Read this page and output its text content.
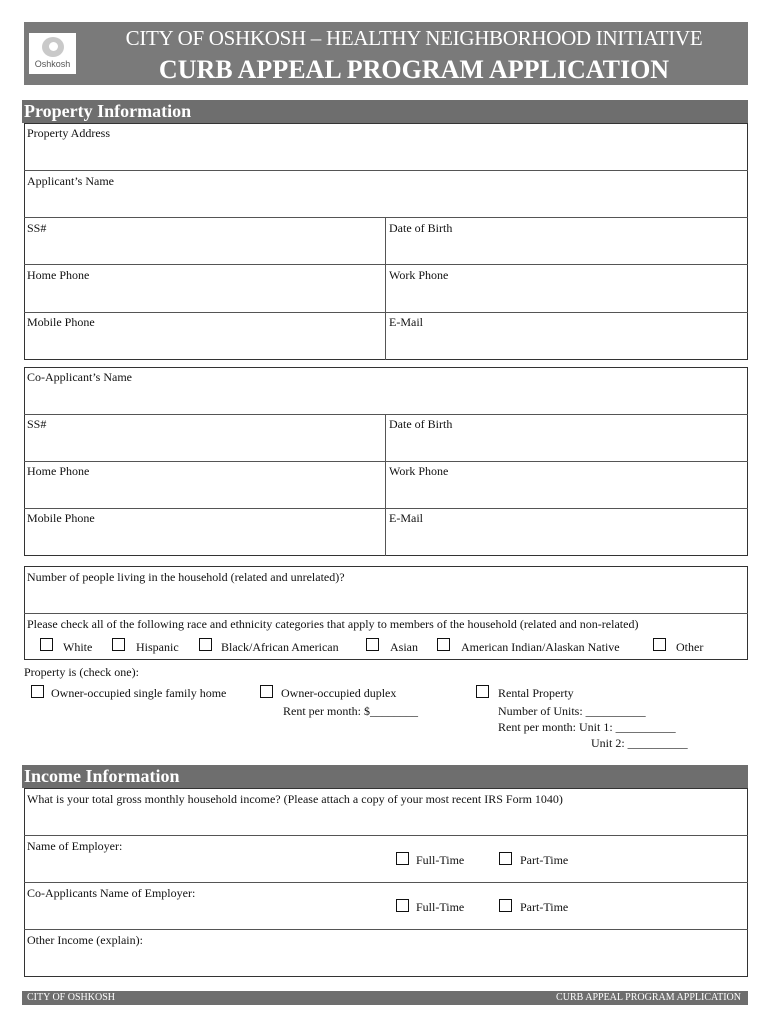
Oshkosh
CITY OF OSHKOSH – HEALTHY NEIGHBORHOOD INITIATIVE
CURB APPEAL PROGRAM APPLICATION
Property Information
Property Address
Applicant’s Name
SS#	Date of Birth
Home Phone	Work Phone
Mobile Phone	E-Mail
Co-Applicant’s Name
SS#	Date of Birth
Home Phone	Work Phone
Mobile Phone	E-Mail
Number of people living in the household (related and unrelated)?
Please check all of the following race and ethnicity categories that apply to members of the household (related and non-related)
White	Hispanic	Black/African American	Asian	American Indian/Alaskan Native	Other
Property is (check one):
Owner-occupied single family home	Owner-occupied duplex
Rent per month: $________
Rental Property
Number of Units: __________
Rent per month: Unit 1: __________
Unit 2: __________
Income Information
What is your total gross monthly household income? (Please attach a copy of your most recent IRS Form 1040)
Name of Employer:
Full-Time	Part-Time
Co-Applicants Name of Employer:
Full-Time	Part-Time
Other Income (explain):
CITY OF OSHKOSH	CURB APPEAL PROGRAM APPLICATION
